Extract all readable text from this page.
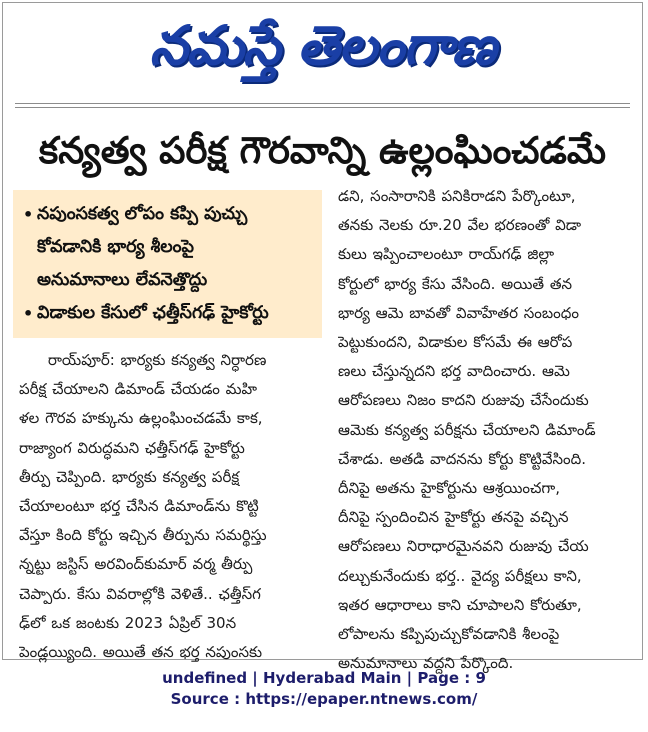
నమస్తే తెలంగాణ
కన్యత్వ పరీక్ష గౌరవాన్ని ఉల్లంఘించడమే
• నపుంసకత్వ లోపం కప్పి పుచ్చు
కోవడానికి భార్య శీలంపై
అనుమానాలు లేవనెత్తొద్దు
• విడాకుల కేసులో ఛత్తీస్‌గఢ్ హైకోర్టు
రాయ్‌పూర్: భార్యకు కన్యత్వ నిర్ధారణ
పరీక్ష చేయాలని డిమాండ్ చేయడం మహి
ళల గౌరవ హక్కును ఉల్లంఘించడమే కాక,
రాజ్యాంగ విరుద్ధమని ఛత్తీస్‌గఢ్ హైకోర్టు
తీర్పు చెప్పింది. భార్యకు కన్యత్వ పరీక్ష
చేయాలంటూ భర్త చేసిన డిమాండ్‌ను కొట్టి
వేస్తూ కింది కోర్టు ఇచ్చిన తీర్పును సమర్థిస్తు
న్నట్టు జస్టిస్ అరవింద్‌కుమార్ వర్మ తీర్పు
చెప్పారు. కేసు వివరాల్లోకి వెళితే.. ఛత్తీస్‌గ
ఢ్‌లో ఒక జంటకు 2023 ఏప్రిల్ 30న
పెండ్లయ్యింది. అయితే తన భర్త నపుంసకు
డని, సంసారానికి పనికిరాడని పేర్కొంటూ,
తనకు నెలకు రూ.20 వేల భరణంతో విడా
కులు ఇప్పించాలంటూ రాయ్‌గఢ్ జిల్లా
కోర్టులో భార్య కేసు వేసింది. అయితే తన
భార్య ఆమె బావతో వివాహేతర సంబంధం
పెట్టుకుందని, విడాకుల కోసమే ఈ ఆరోప
ణలు చేస్తున్నదని భర్త వాదించారు. ఆమె
ఆరోపణలు నిజం కాదని రుజువు చేసేందుకు
ఆమెకు కన్యత్వ పరీక్షను చేయాలని డిమాండ్
చేశాడు. అతడి వాదనను కోర్టు కొట్టివేసింది.
దీనిపై అతను హైకోర్టును ఆశ్రయించగా,
దీనిపై స్పందించిన హైకోర్టు తనపై వచ్చిన
ఆరోపణలు నిరాధారమైనవని రుజువు చేయ
దల్చుకునేందుకు భర్త.. వైద్య పరీక్షలు కాని,
ఇతర ఆధారాలు కాని చూపాలని కోరుతూ,
లోపాలను కప్పిపుచ్చుకోవడానికి శీలంపై
అనుమానాలు వద్దని పేర్కొంది.
undefined | Hyderabad Main | Page : 9
Source : https://epaper.ntnews.com/
